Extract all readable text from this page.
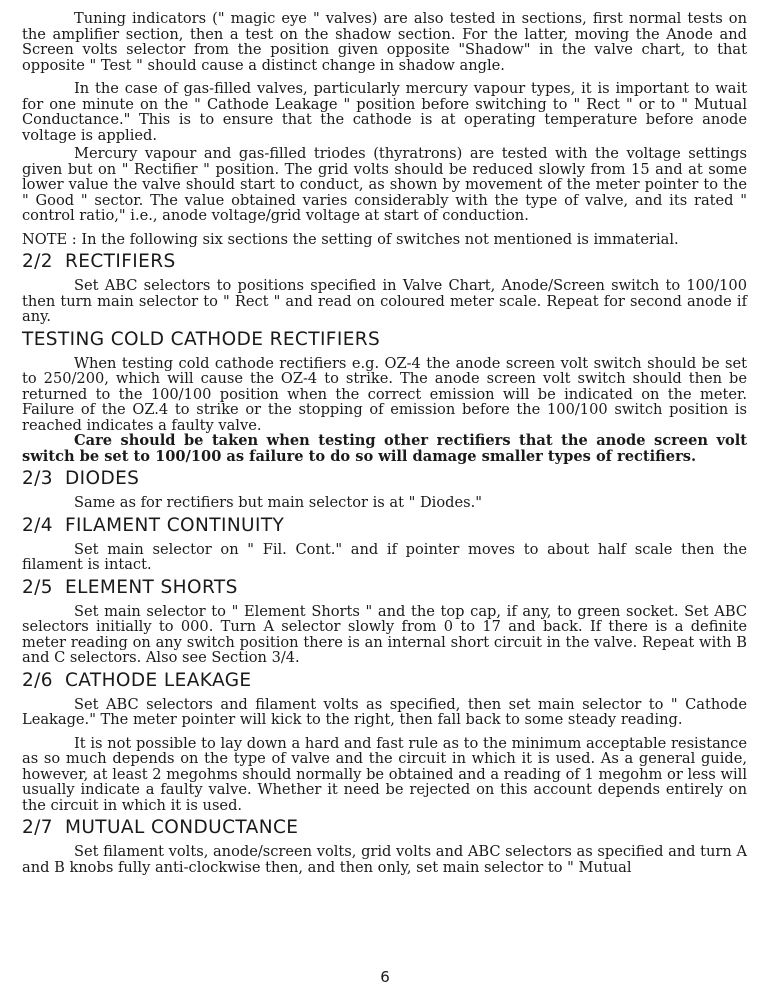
Tuning indicators (" magic eye " valves) are also tested in sections, first normal tests on the amplifier section, then a test on the shadow section. For the latter, moving the Anode and Screen volts selector from the position given opposite "Shadow" in the valve chart, to that opposite " Test " should cause a distinct change in shadow angle.

In the case of gas-filled valves, particularly mercury vapour types, it is important to wait for one minute on the " Cathode Leakage " position before switching to " Rect " or to " Mutual Conductance." This is to ensure that the cathode is at operating temperature before anode voltage is applied.

Mercury vapour and gas-filled triodes (thyratrons) are tested with the voltage settings given but on " Rectifier " position. The grid volts should be reduced slowly from 15 and at some lower value the valve should start to conduct, as shown by movement of the meter pointer to the " Good " sector. The value obtained varies considerably with the type of valve, and its rated " control ratio," i.e., anode voltage/grid voltage at start of conduction.

NOTE : In the following six sections the setting of switches not mentioned is immaterial.

2/2 RECTIFIERS

Set ABC selectors to positions specified in Valve Chart, Anode/Screen switch to 100/100 then turn main selector to " Rect " and read on coloured meter scale. Repeat for second anode if any.

TESTING COLD CATHODE RECTIFIERS

When testing cold cathode rectifiers e.g. OZ-4 the anode screen volt switch should be set to 250/200, which will cause the OZ-4 to strike. The anode screen volt switch should then be returned to the 100/100 position when the correct emission will be indicated on the meter. Failure of the OZ.4 to strike or the stopping of emission before the 100/100 switch position is reached indicates a faulty valve.

Care should be taken when testing other rectifiers that the anode screen volt switch be set to 100/100 as failure to do so will damage smaller types of rectifiers.

2/3 DIODES

Same as for rectifiers but main selector is at " Diodes."

2/4 FILAMENT CONTINUITY

Set main selector on " Fil. Cont." and if pointer moves to about half scale then the filament is intact.

2/5 ELEMENT SHORTS

Set main selector to " Element Shorts " and the top cap, if any, to green socket. Set ABC selectors initially to 000. Turn A selector slowly from 0 to 17 and back. If there is a definite meter reading on any switch position there is an internal short circuit in the valve. Repeat with B and C selectors. Also see Section 3/4.

2/6 CATHODE LEAKAGE

Set ABC selectors and filament volts as specified, then set main selector to " Cathode Leakage." The meter pointer will kick to the right, then fall back to some steady reading.

It is not possible to lay down a hard and fast rule as to the minimum acceptable resistance as so much depends on the type of valve and the circuit in which it is used. As a general guide, however, at least 2 megohms should normally be obtained and a reading of 1 megohm or less will usually indicate a faulty valve. Whether it need be rejected on this account depends entirely on the circuit in which it is used.

2/7 MUTUAL CONDUCTANCE

Set filament volts, anode/screen volts, grid volts and ABC selectors as specified and turn A and B knobs fully anti-clockwise then, and then only, set main selector to " Mutual

6
